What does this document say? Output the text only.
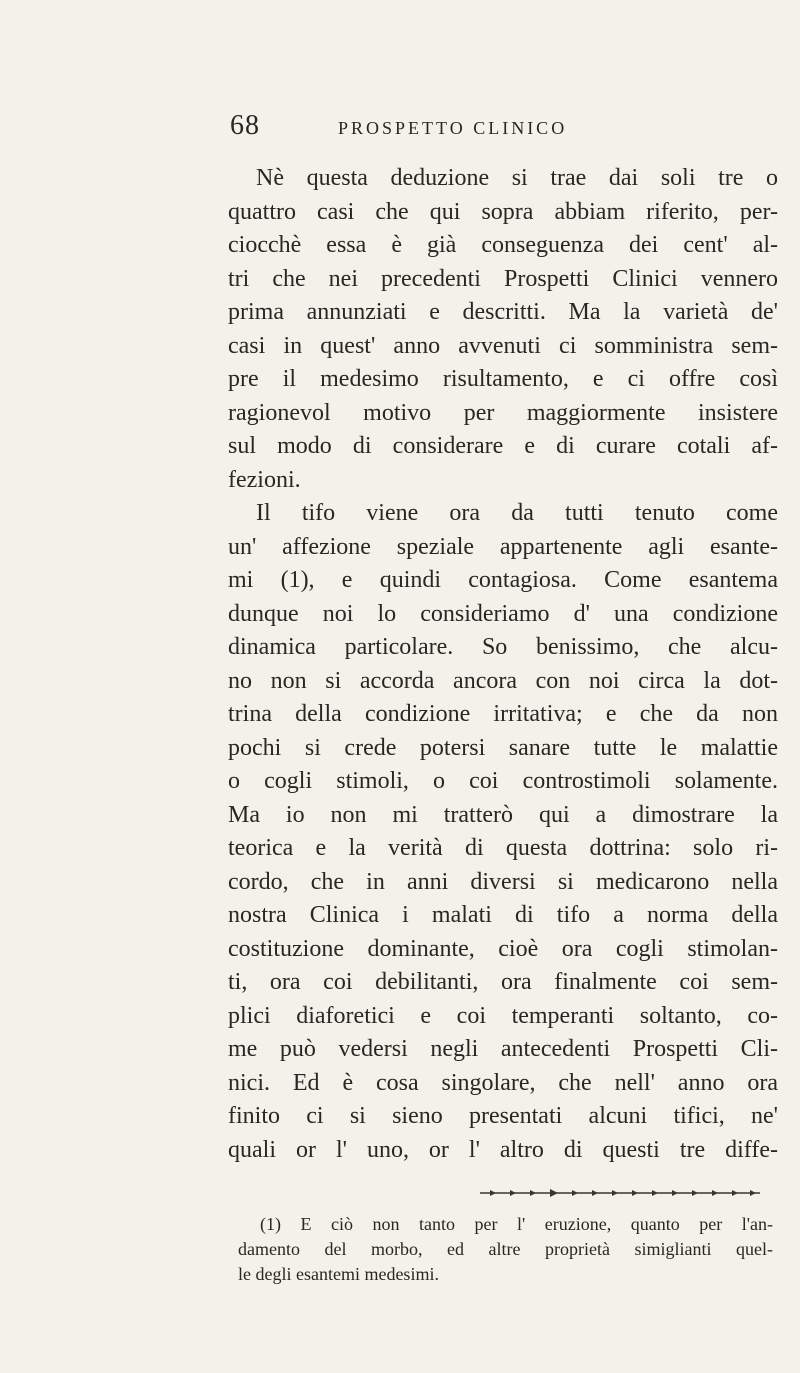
68	PROSPETTO CLINICO
Nè questa deduzione si trae dai soli tre o
quattro casi che qui sopra abbiam riferito, per-
ciocchè essa è già conseguenza dei cent' al-
tri che nei precedenti Prospetti Clinici vennero
prima annunziati e descritti. Ma la varietà de'
casi in quest' anno avvenuti ci somministra sem-
pre il medesimo risultamento, e ci offre così
ragionevol motivo per maggiormente insistere
sul modo di considerare e di curare cotali af-
fezioni.
Il tifo viene ora da tutti tenuto come
un' affezione speziale appartenente agli esante-
mi (1), e quindi contagiosa. Come esantema
dunque noi lo consideriamo d' una condizione
dinamica particolare. So benissimo, che alcu-
no non si accorda ancora con noi circa la dot-
trina della condizione irritativa; e che da non
pochi si crede potersi sanare tutte le malattie
o cogli stimoli, o coi controstimoli solamente.
Ma io non mi tratterò qui a dimostrare la
teorica e la verità di questa dottrina: solo ri-
cordo, che in anni diversi si medicarono nella
nostra Clinica i malati di tifo a norma della
costituzione dominante, cioè ora cogli stimolan-
ti, ora coi debilitanti, ora finalmente coi sem-
plici diaforetici e coi temperanti soltanto, co-
me può vedersi negli antecedenti Prospetti Cli-
nici. Ed è cosa singolare, che nell' anno ora
finito ci si sieno presentati alcuni tifici, ne'
quali or l' uno, or l' altro di questi tre diffe-
(1) E ciò non tanto per l' eruzione, quanto per l'an-
damento del morbo, ed altre proprietà simiglianti quel-
le degli esantemi medesimi.
